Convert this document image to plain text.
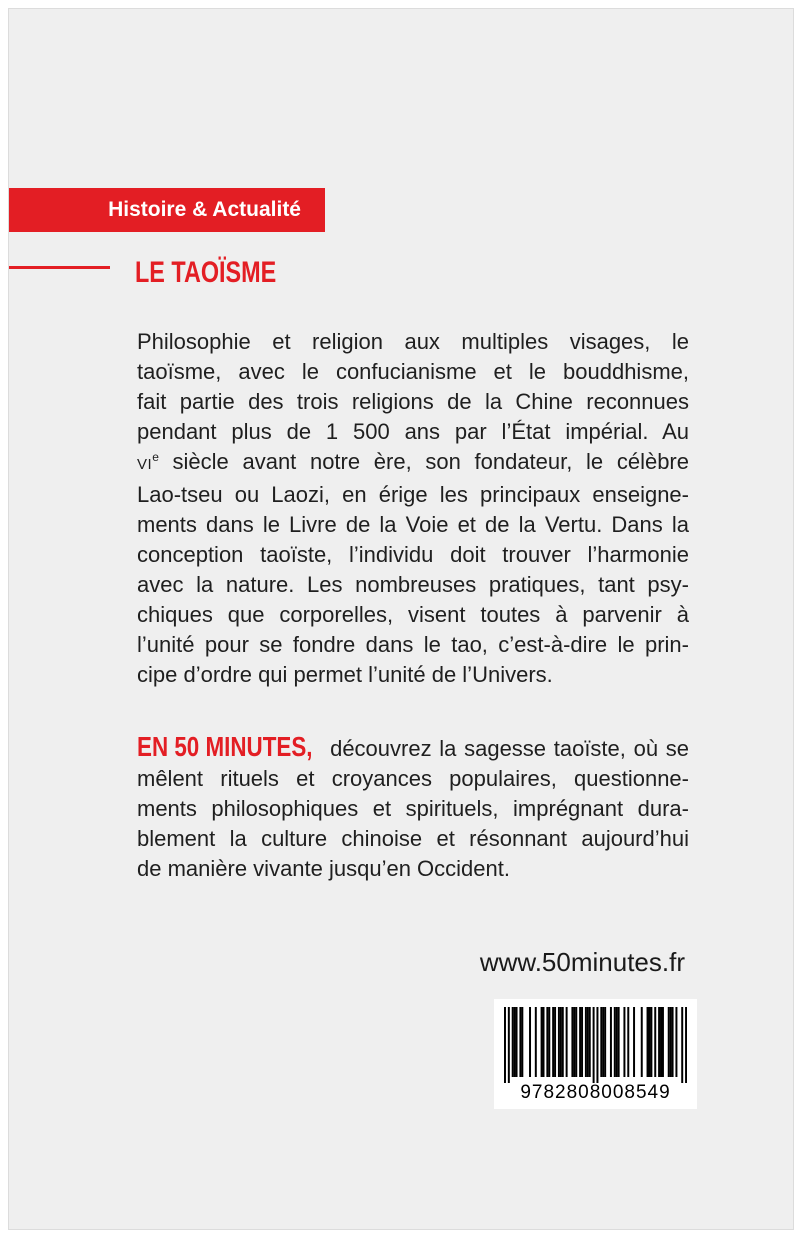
Histoire & Actualité
LE TAOÏSME
Philosophie et religion aux multiples visages, le
taoïsme, avec le confucianisme et le bouddhisme,
fait partie des trois religions de la Chine reconnues
pendant plus de 1 500 ans par l’État impérial. Au
VIe siècle avant notre ère, son fondateur, le célèbre
Lao-tseu ou Laozi, en érige les principaux enseigne-
ments dans le Livre de la Voie et de la Vertu. Dans la
conception taoïste, l’individu doit trouver l’harmonie
avec la nature. Les nombreuses pratiques, tant psy-
chiques que corporelles, visent toutes à parvenir à
l’unité pour se fondre dans le tao, c’est-à-dire le prin-
cipe d’ordre qui permet l’unité de l’Univers.
EN 50 MINUTES, découvrez la sagesse taoïste, où se
mêlent rituels et croyances populaires, questionne-
ments philosophiques et spirituels, imprégnant dura-
blement la culture chinoise et résonnant aujourd’hui
de manière vivante jusqu’en Occident.
www.50minutes.fr
9782808008549
